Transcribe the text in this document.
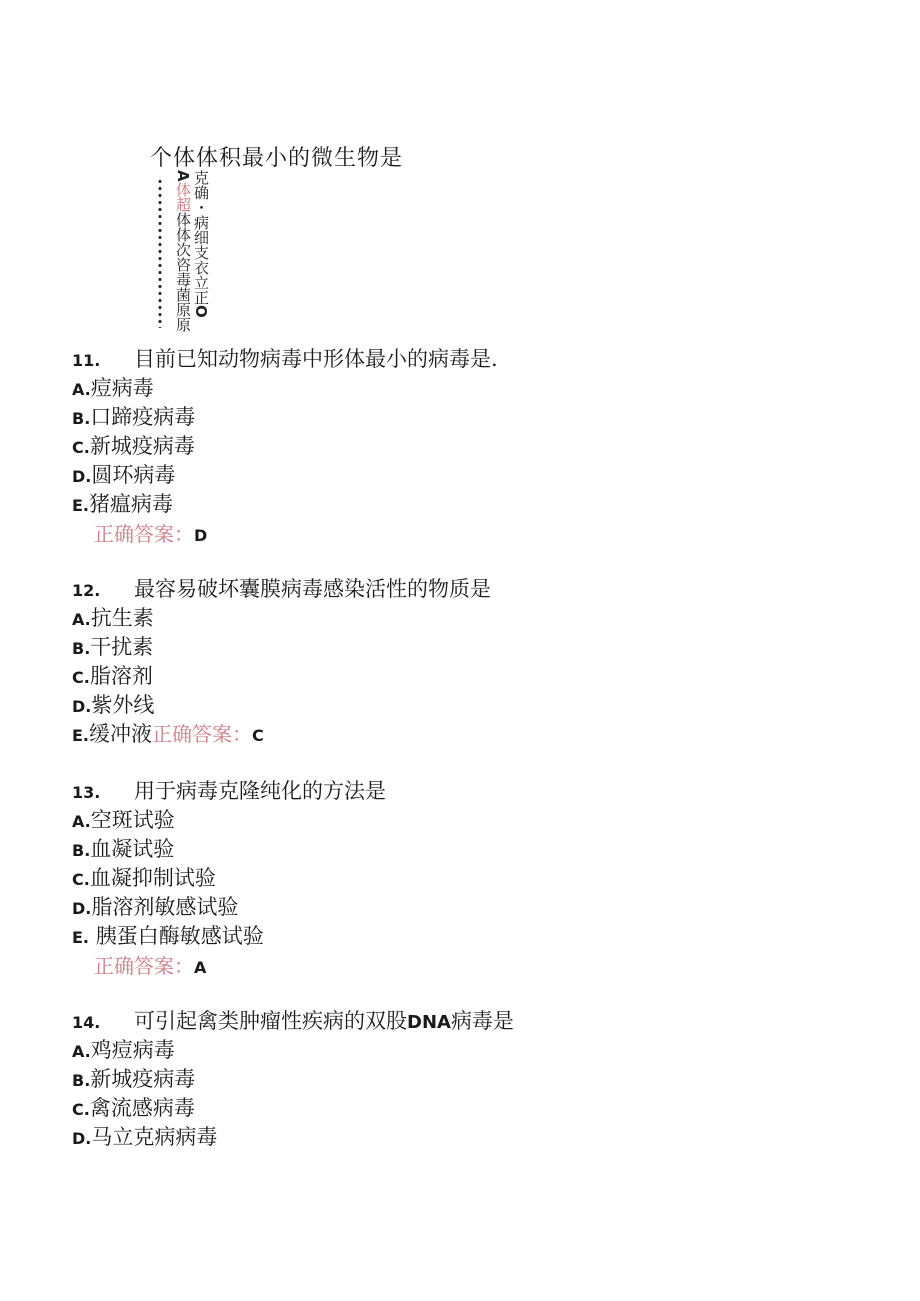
个体体积最小的微生物是
A体超体体次咨毒菌原原 克确・病细支衣立正O
11. 目前已知动物病毒中形体最小的病毒是.
A.痘病毒
B.口蹄疫病毒
C.新城疫病毒
D.圆环病毒
E.猪瘟病毒
正确答案：D
12. 最容易破坏囊膜病毒感染活性的物质是
A.抗生素
B.干扰素
C.脂溶剂
D.紫外线
E.缓冲液正确答案：C
13. 用于病毒克隆纯化的方法是
A.空斑试验
B.血凝试验
C.血凝抑制试验
D.脂溶剂敏感试验
E. 胰蛋白酶敏感试验
正确答案：A
14. 可引起禽类肿瘤性疾病的双股DNA病毒是
A.鸡痘病毒
B.新城疫病毒
C.禽流感病毒
D.马立克病病毒
